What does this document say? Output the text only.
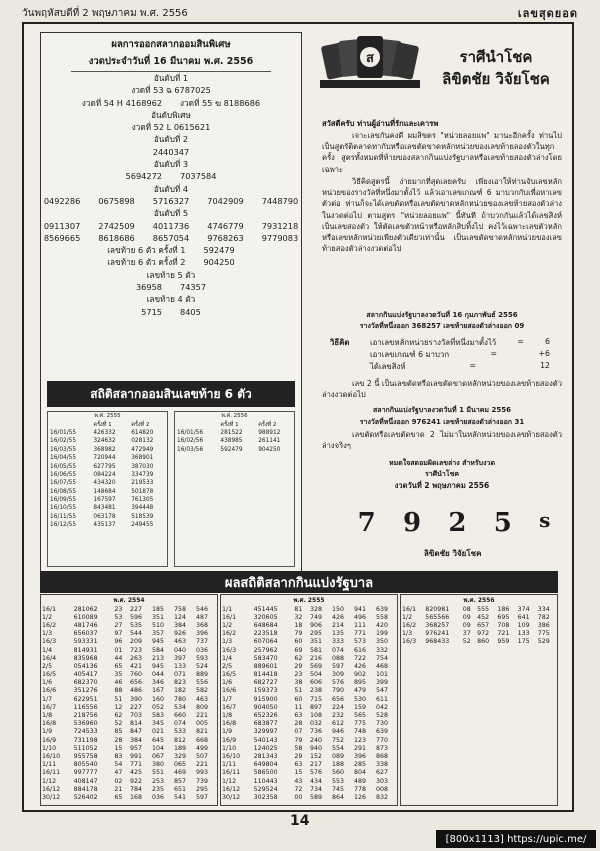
วันพฤหัสบดีที่ 2 พฤษภาคม พ.ศ. 2556	เลขสุดยอด
ผลการออกสลากออมสินพิเศษ
งวดประจำวันที่ 16 มีนาคม พ.ศ. 2556
อันดับที่ 1
งวดที่ 53 ฉ 6787025
งวดที่ 54 H 4168962 งวดที่ 55 ฆ 8188686
อันดับพิเศษ
งวดที่ 52 L 0615621
อันดับที่ 2
2440347
อันดับที่ 3
5694272 7037584
อันดับที่ 4
0492286 0675898 5716327 7042909 7448790
อันดับที่ 5
0911307 2742509 4011736 4746779 7931218
8569665 8618686 8657054 9768263 9779083
เลขท้าย 6 ตัว ครั้งที่ 1 592479
เลขท้าย 6 ตัว ครั้งที่ 2 904250
เลขท้าย 5 ตัว
36958 74357
เลขท้าย 4 ตัว
5715 8405
สถิติสลากออมสินเลขท้าย 6 ตัว
พ.ศ. 2555		
	ครั้งที่ 1	ครั้งที่ 2
16/01/55	426332	614820
16/02/55	324632	028132
16/03/55	368982	472949
16/04/55	720944	368901
16/05/55	627795	387030
16/06/55	084224	334739
16/07/55	434320	219533
16/08/55	148684	501878
16/09/55	167597	761305
16/10/55	843481	394448
16/11/55	063178	518539
16/12/55	435137	249455
พ.ศ. 2556		
	ครั้งที่ 1	ครั้งที่ 2
16/01/56	281522	988912
16/02/56	438985	261141
16/03/56	592479	904250
ส	ราศีนำโชค
ลิขิตชัย วิจัยโชค
สวัสดีครับ ท่านผู้อ่านที่รักและเคารพ
เจาะเลขกันคงดี ผมสิขตร "หน่วยลอยแพ" มานะอีกครั้ง ท่านไปเป็นสูตรัติตลาดทากับหรือเลขตัดขาดหลักหน่วยของเลขท้ายลองตัวในทุกครั้ง สูตรทั้งหมดที่ท้ายของสลากกินแบ่งรัฐบาลหรือเลขท้ายสองตัวล่างโดยเฉพาะ
วิธีคิดสูตรนี้ ง่ายมากที่สุดเลยครับ เพียงเอาให้ท่านจับเลขหลักหน่วยของรางวัลที่หนึ่งมาตั้งไว้ แล้วเอาเลขเกณฑ์ 6 มาบวกกับเพื่อหาเลขตัวต่อ ท่านก็จะได้เลขตัดหรือเลขตัดขาดหลักหน่วยของเลขท้ายสองตัวล่างในงวดต่อไป ตามสูตร "หน่วยลอยแพ" นี้ทันที ถ้าบวกกันแล้วได้เลขสิงห์เป็นเลขสองตัว ให้ตัดเลขตัวหน้าหรือหลักสิบทิ้งไป คงไว้เฉพาะเลขตัวหลักหรือเลขหลักหน่วยเพียงตัวเดียวเท่านั้น เป็นเลขตัดขาดหลักหน่วยของเลขท้ายสองตัวล่างงวดต่อไป
สลากกินแบ่งรัฐบาลงวดวันที่ 16 กุมภาพันธ์ 2556
รางวัลที่หนึ่งออก 368257 เลขท้ายสองตัวล่างออก 09
วิธีคิด	เอาเลขหลักหน่วยรางวัลที่หนึ่งมาตั้งไว้	=	6
เอาเลขเกณฑ์ 6 มาบวก	=	+6
ได้เลขสิงห์	=	12
เลข 2 นี้ เป็นเลขตัดหรือเลขตัดขาดหลักหน่วยของเลขท้ายสองตัวล่างงวดต่อไป
สลากกินแบ่งรัฐบาลงวดวันที่ 1 มีนาคม 2556
รางวัลที่หนึ่งออก 976241 เลขท้ายสองตัวล่างออก 31
เลขตัดหรือเลขตัดขาด 2 ไม่มาในหลักหน่วยของเลขท้ายสองตัวล่างจริงๆ
หมดใจสดอมผิดเลขล่าง สำหรับงวด
ราศีนำโชค
งวดวันที่ 2 พฤษภาคม 2556
7 9 2 5 s
ลิขิตชัย วิจัยโชค
ผลสถิติสลากกินแบ่งรัฐบาล
พ.ศ. 2554						
16/1	281062	23	227	185	758	546
1/2	610089	53	596	351	124	487
16/2	481746	27	535	510	384	368
1/3	656037	97	544	357	926	396
16/3	593331	96	209	945	463	737
1/4	814931	01	723	584	040	036
16/4	835968	44	263	213	397	593
2/5	054136	65	421	945	133	524
16/5	405417	35	760	044	071	889
1/6	682370	46	656	346	823	556
16/6	351276	88	486	167	182	582
1/7	622951	51	390	160	780	463
16/7	116556	12	227	052	534	809
1/8	218756	62	703	583	660	221
16/8	536960	52	814	345	074	005
1/9	724533	85	847	021	533	821
16/9	731198	28	384	645	812	668
1/10	511052	15	957	104	189	499
16/10	955758	83	991	067	329	507
1/11	805540	54	771	380	065	221
16/11	997777	47	425	551	469	993
1/12	408147	02	922	253	857	739
16/12	884178	21	784	235	651	295
30/12	526402	65	168	036	541	597
พ.ศ. 2555						
1/1	451445	81	328	150	941	639
16/1	320605	32	749	426	496	558
1/2	648684	18	906	214	111	420
16/2	223518	79	295	135	771	199
1/3	607064	60	351	333	573	350
16/3	257962	69	581	074	616	332
1/4	583470	62	216	088	722	754
2/5	889601	29	569	597	426	468
16/5	814418	23	504	309	902	101
1/6	682727	38	606	576	895	399
16/6	159373	51	238	790	479	547
1/7	915900	60	715	656	530	611
16/7	904050	11	897	224	159	042
1/8	652326	63	108	232	565	528
16/8	683877	28	032	612	775	730
1/9	329997	07	736	946	748	639
16/9	540143	79	240	752	123	770
1/10	124025	58	940	554	291	873
16/10	281343	29	152	089	396	868
1/11	649804	63	217	188	285	338
16/11	586500	15	576	560	804	627
1/12	110443	43	434	553	489	303
16/12	529524	72	734	745	778	008
30/12	302358	00	589	864	126	832
พ.ศ. 2556						
16/1	820981	08	555	186	374	334
1/2	565566	09	452	695	641	782
16/2	368257	09	657	708	109	386
1/3	976241	37	972	721	133	775
16/3	968433	52	860	959	175	529
14
[800x1113] https://upic.me/
